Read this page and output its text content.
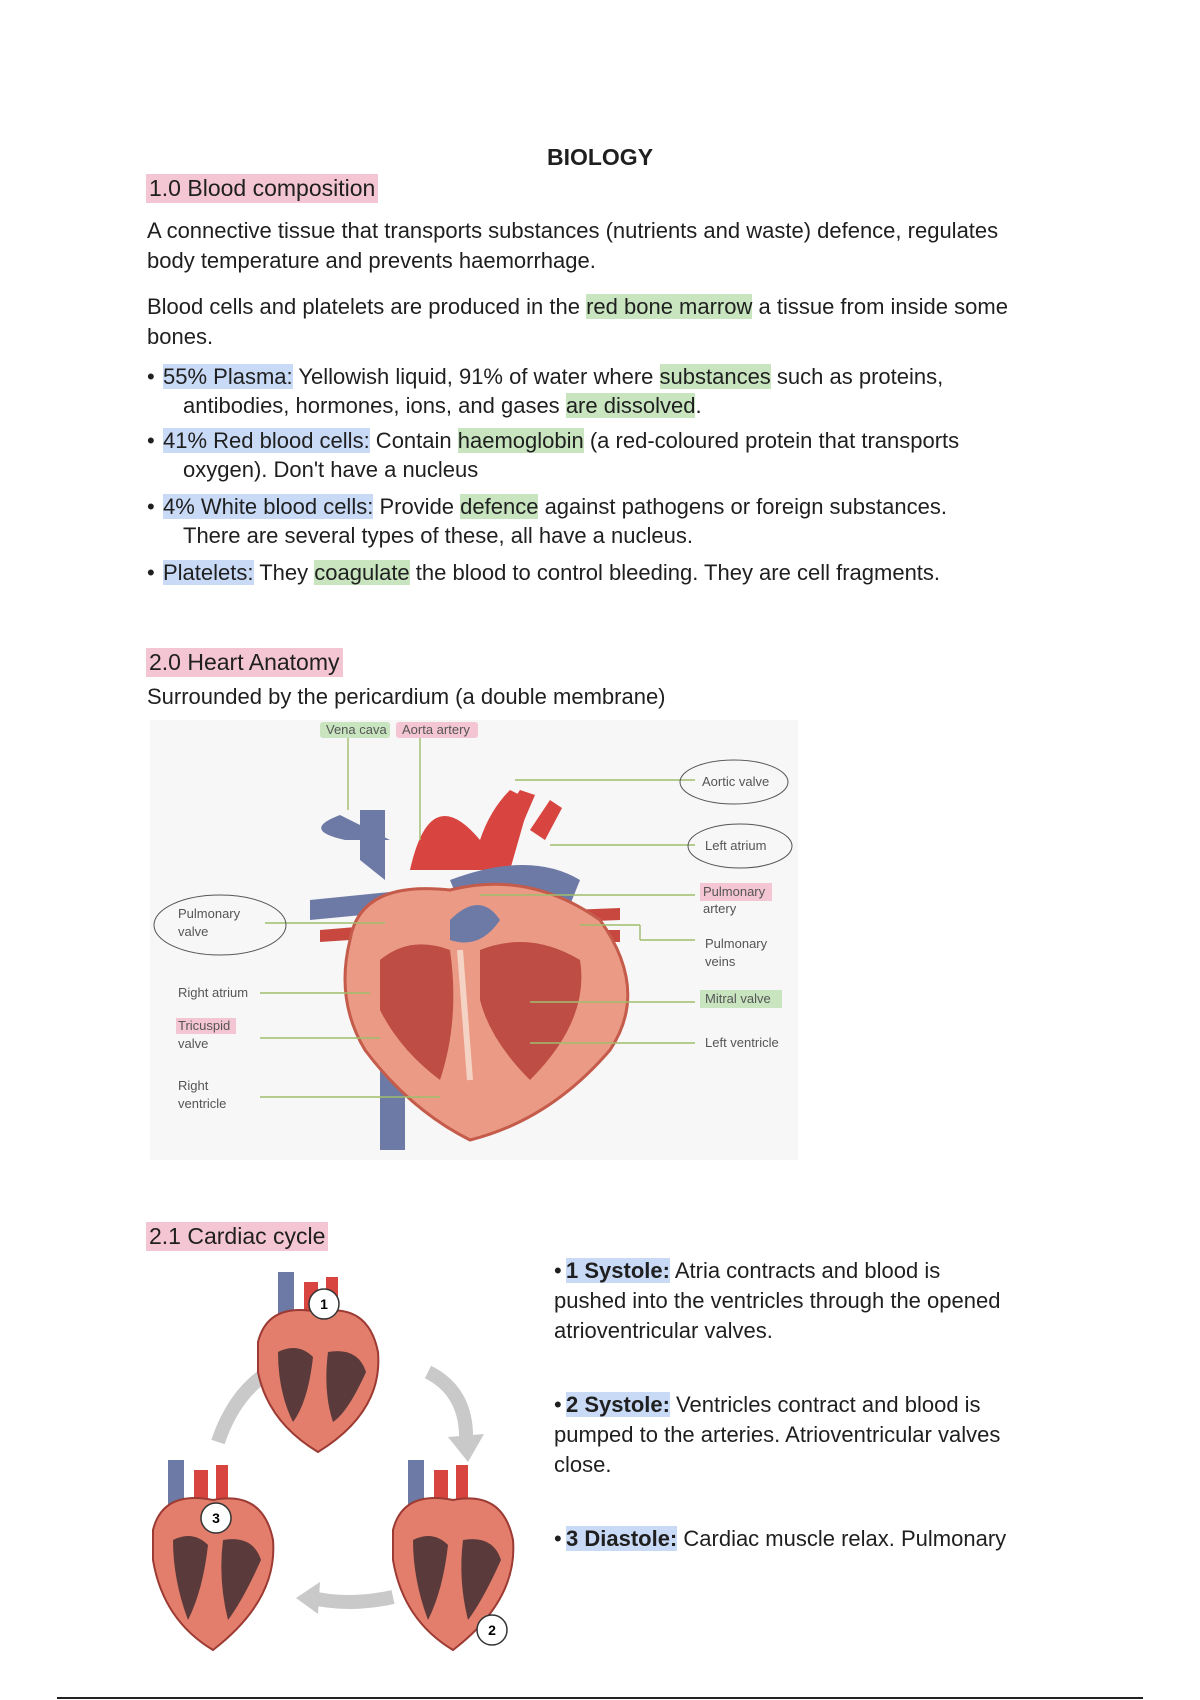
BIOLOGY
1.0 Blood composition
A connective tissue that transports substances (nutrients and waste) defence, regulates body temperature and prevents haemorrhage.
Blood cells and platelets are produced in the red bone marrow a tissue from inside some bones.
• 55% Plasma: Yellowish liquid, 91% of water where substances such as proteins,
antibodies, hormones, ions, and gases are dissolved.
• 41% Red blood cells: Contain haemoglobin (a red-coloured protein that transports
oxygen). Don't have a nucleus
• 4% White blood cells: Provide defence against pathogens or foreign substances.
There are several types of these, all have a nucleus.
• Platelets: They coagulate the blood to control bleeding. They are cell fragments.
2.0 Heart Anatomy
Surrounded by the pericardium (a double membrane)
Vena cava Aorta artery
Aortic valve
Left atrium
Pulmonary
artery
Pulmonary
veins
Mitral valve
Left ventricle
Pulmonary
valve
Right atrium
Tricuspid
valve
Right
ventricle
2.1 Cardiac cycle
1
2
3
• 1 Systole: Atria contracts and blood is
pushed into the ventricles through the opened
atrioventricular valves.
• 2 Systole: Ventricles contract and blood is
pumped to the arteries. Atrioventricular valves
close.
• 3 Diastole: Cardiac muscle relax. Pulmonary
